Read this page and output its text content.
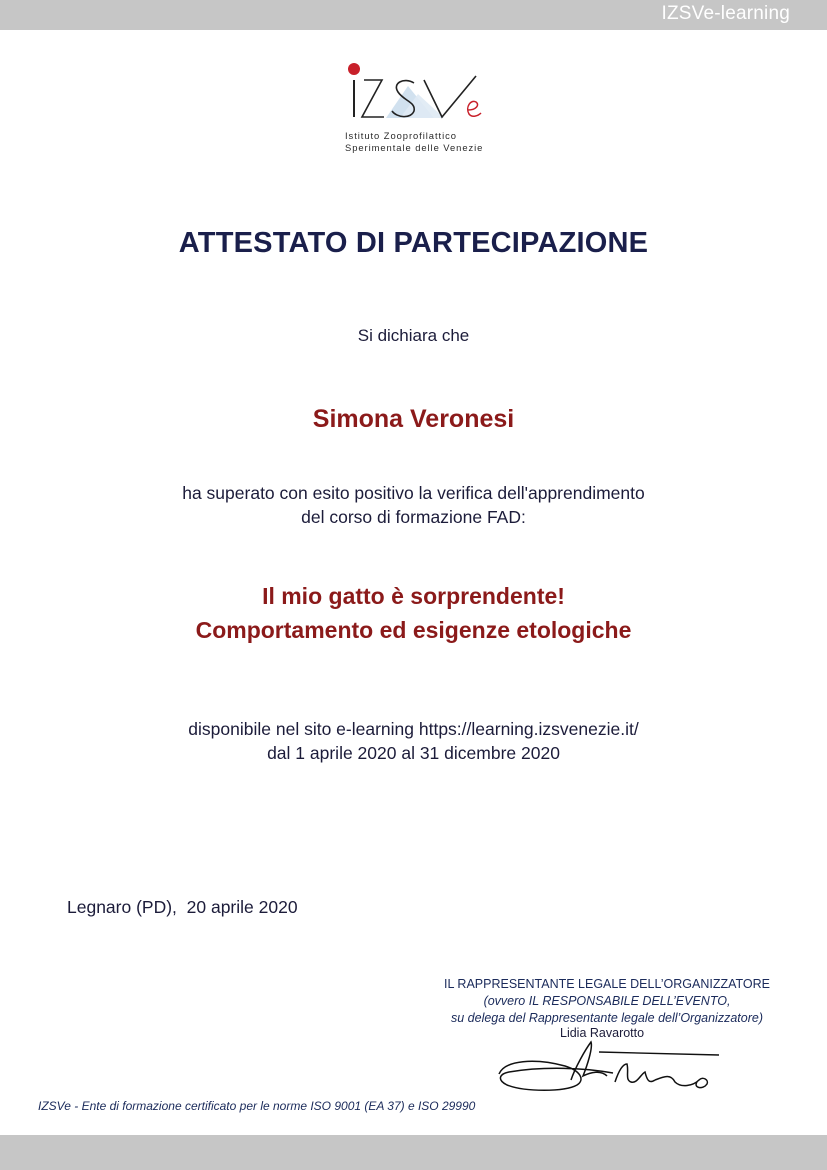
IZSVe-learning
Istituto Zooprofilattico
Sperimentale delle Venezie
ATTESTATO DI PARTECIPAZIONE
Si dichiara che
Simona Veronesi
ha superato con esito positivo la verifica dell'apprendimento
del corso di formazione FAD:
Il mio gatto è sorprendente!
Comportamento ed esigenze etologiche
disponibile nel sito e-learning https://learning.izsvenezie.it/
dal 1 aprile 2020 al 31 dicembre 2020
Legnaro (PD),  20 aprile 2020
IL RAPPRESENTANTE LEGALE DELL’ORGANIZZATORE
(ovvero IL RESPONSABILE DELL’EVENTO,
su delega del Rappresentante legale dell’Organizzatore)
Lidia Ravarotto
IZSVe - Ente di formazione certificato per le norme ISO 9001 (EA 37) e ISO 29990
